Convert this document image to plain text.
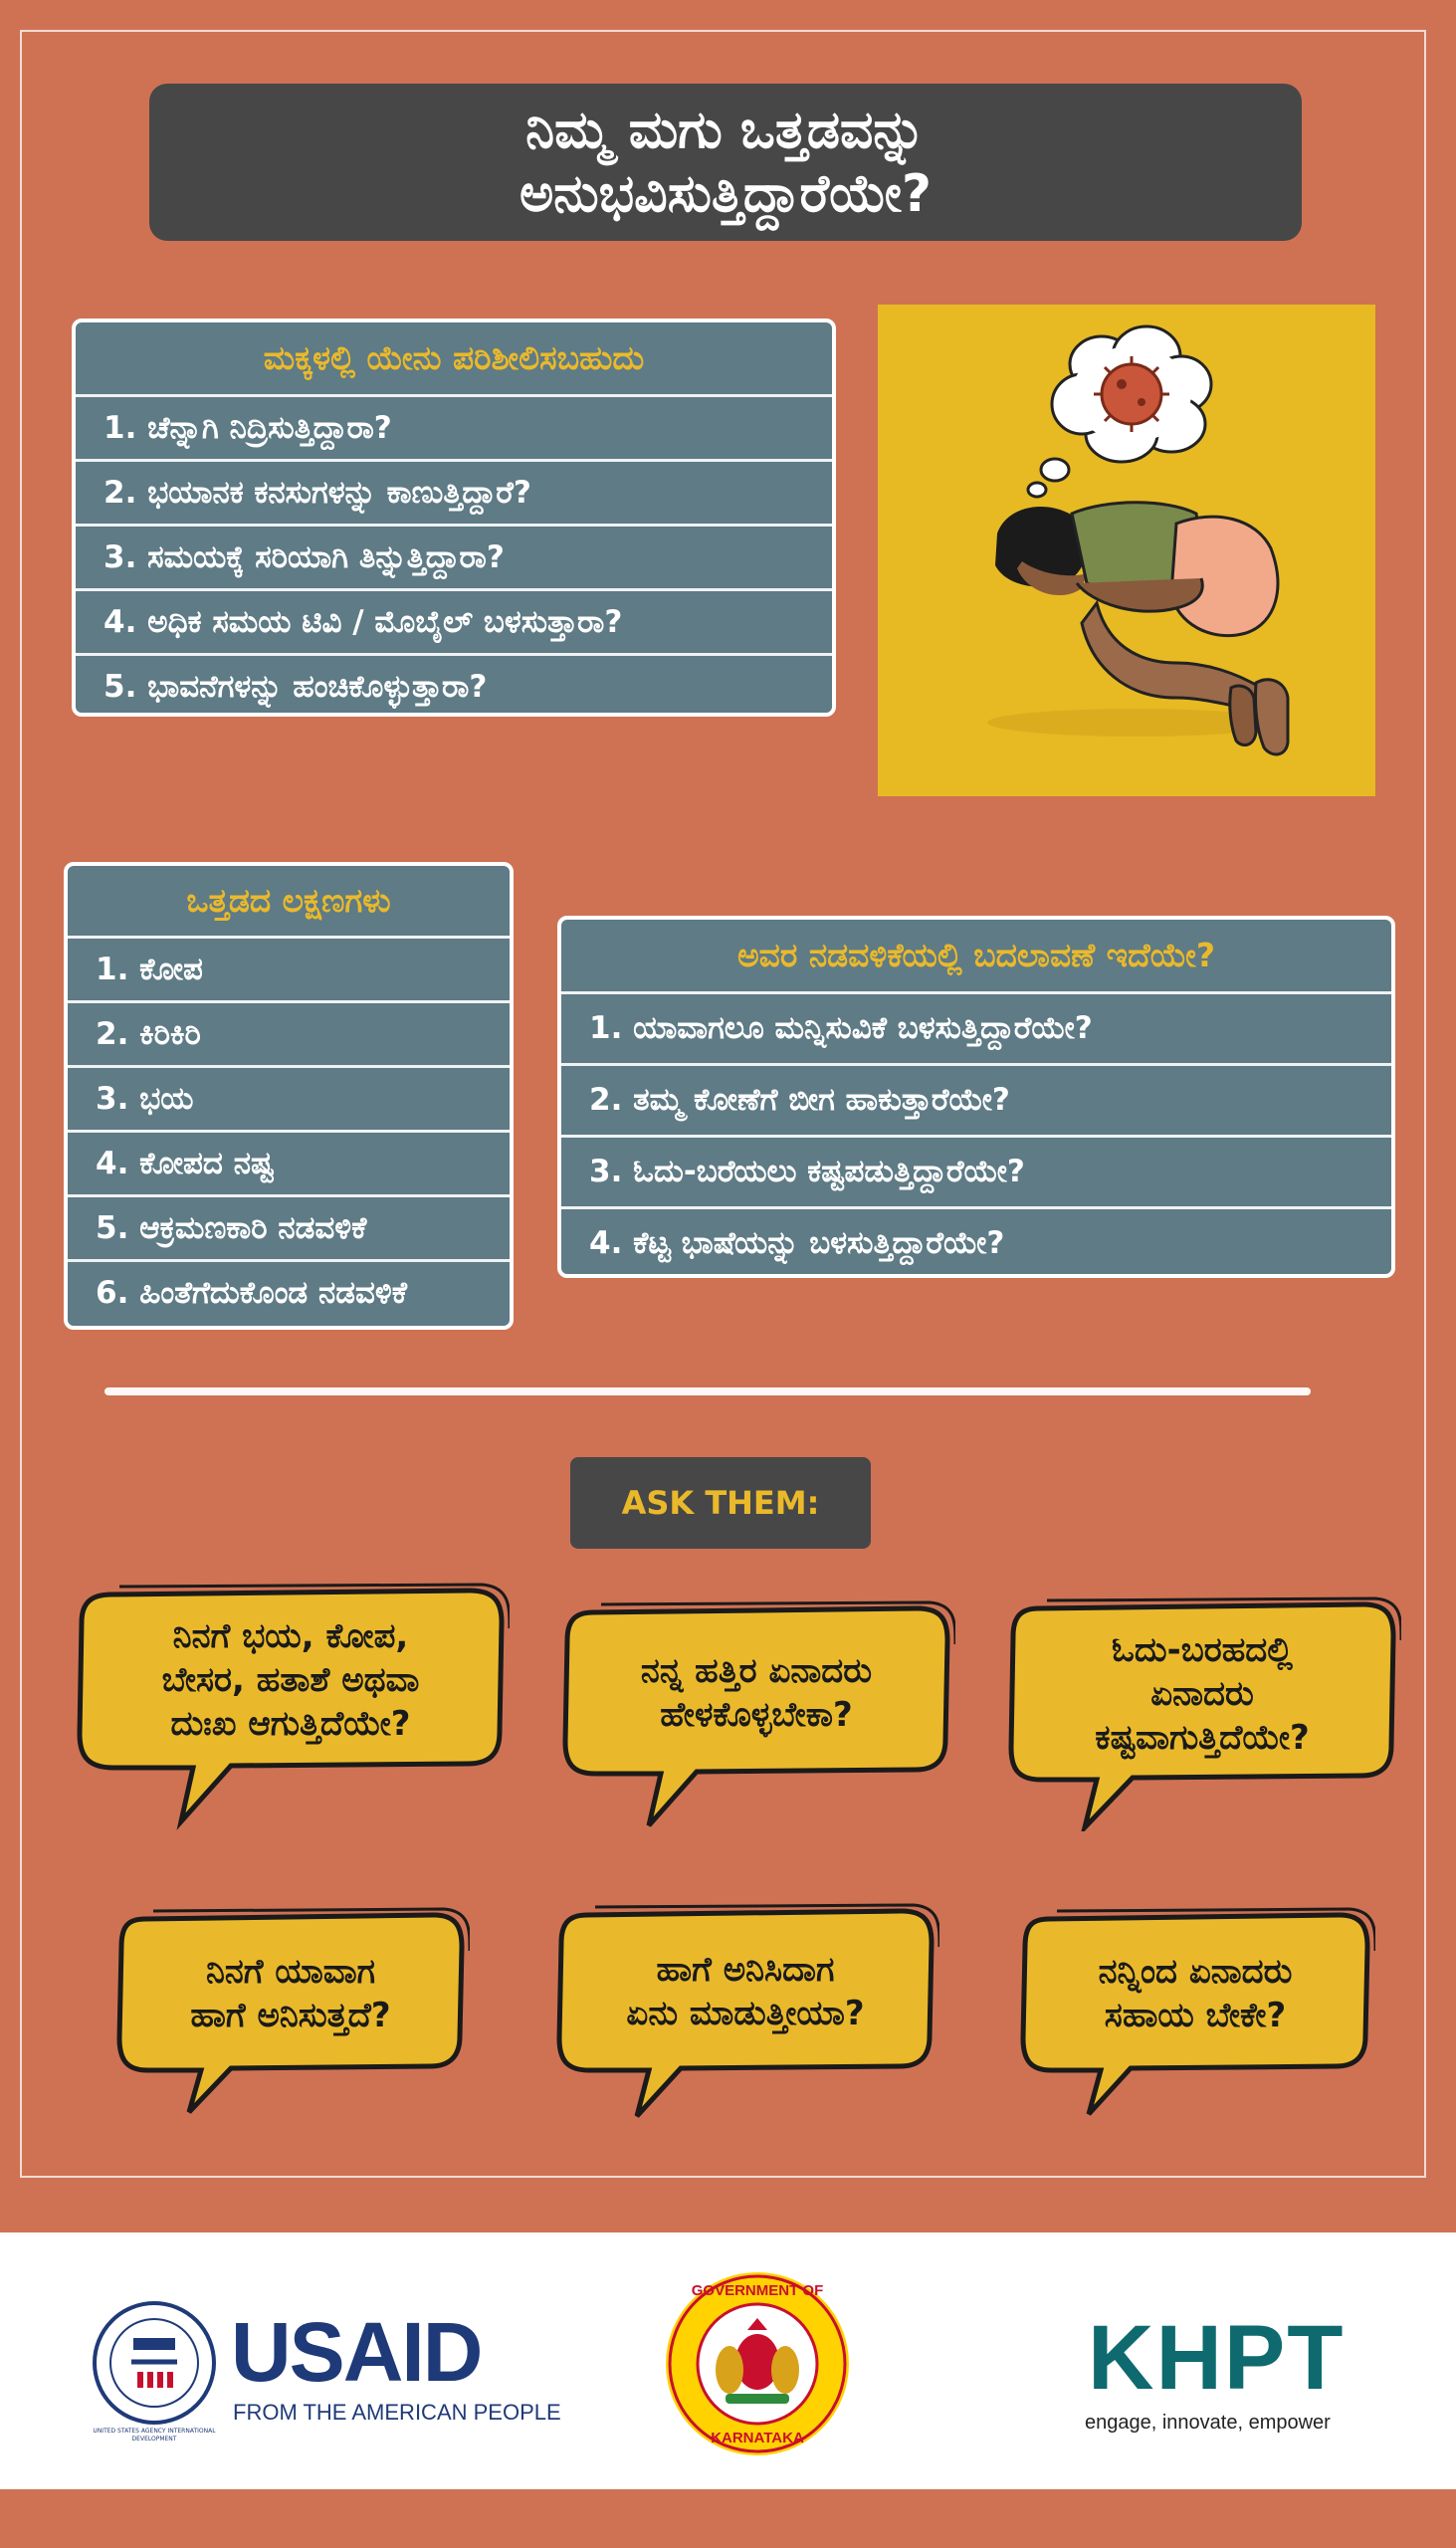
ನಿಮ್ಮ ಮಗು ಒತ್ತಡವನ್ನು
ಅನುಭವಿಸುತ್ತಿದ್ದಾರೆಯೇ?
ಮಕ್ಕಳಲ್ಲಿ ಯೇನು ಪರಿಶೀಲಿಸಬಹುದು
1. ಚೆನ್ನಾಗಿ ನಿದ್ರಿಸುತ್ತಿದ್ದಾರಾ?
2. ಭಯಾನಕ ಕನಸುಗಳನ್ನು ಕಾಣುತ್ತಿದ್ದಾರೆ?
3. ಸಮಯಕ್ಕೆ ಸರಿಯಾಗಿ ತಿನ್ನುತ್ತಿದ್ದಾರಾ?
4. ಅಧಿಕ ಸಮಯ ಟಿವಿ / ಮೊಬೈಲ್ ಬಳಸುತ್ತಾರಾ?
5. ಭಾವನೆಗಳನ್ನು ಹಂಚಿಕೊಳ್ಳುತ್ತಾರಾ?
ಒತ್ತಡದ ಲಕ್ಷಣಗಳು
1. ಕೋಪ
2. ಕಿರಿಕಿರಿ
3. ಭಯ
4. ಕೋಪದ ನಷ್ಟ
5. ಆಕ್ರಮಣಕಾರಿ ನಡವಳಿಕೆ
6. ಹಿಂತೆಗೆದುಕೊಂಡ ನಡವಳಿಕೆ
ಅವರ ನಡವಳಿಕೆಯಲ್ಲಿ ಬದಲಾವಣೆ ಇದೆಯೇ?
1. ಯಾವಾಗಲೂ ಮನ್ನಿಸುವಿಕೆ ಬಳಸುತ್ತಿದ್ದಾರೆಯೇ?
2. ತಮ್ಮ ಕೋಣೆಗೆ ಬೀಗ ಹಾಕುತ್ತಾರೆಯೇ?
3. ಓದು-ಬರೆಯಲು ಕಷ್ಟಪಡುತ್ತಿದ್ದಾರೆಯೇ?
4. ಕೆಟ್ಟ ಭಾಷೆಯನ್ನು ಬಳಸುತ್ತಿದ್ದಾರೆಯೇ?
ASK THEM:
ನಿನಗೆ ಭಯ, ಕೋಪ,
ಬೇಸರ, ಹತಾಶೆ ಅಥವಾ
ದುಃಖ ಆಗುತ್ತಿದೆಯೇ?
ನನ್ನ ಹತ್ತಿರ ಏನಾದರು
ಹೇಳಕೊಳ್ಳಬೇಕಾ?
ಓದು-ಬರಹದಲ್ಲಿ
ಏನಾದರು
ಕಷ್ಟವಾಗುತ್ತಿದೆಯೇ?
ನಿನಗೆ ಯಾವಾಗ
ಹಾಗೆ ಅನಿಸುತ್ತದೆ?
ಹಾಗೆ ಅನಿಸಿದಾಗ
ಏನು ಮಾಡುತ್ತೀಯಾ?
ನನ್ನಿಂದ ಏನಾದರು
ಸಹಾಯ ಬೇಕೇ?
UNITED STATES AGENCY INTERNATIONAL DEVELOPMENT
USAID
FROM THE AMERICAN PEOPLE
GOVERNMENT OF
KARNATAKA
KHPT
engage, innovate, empower
